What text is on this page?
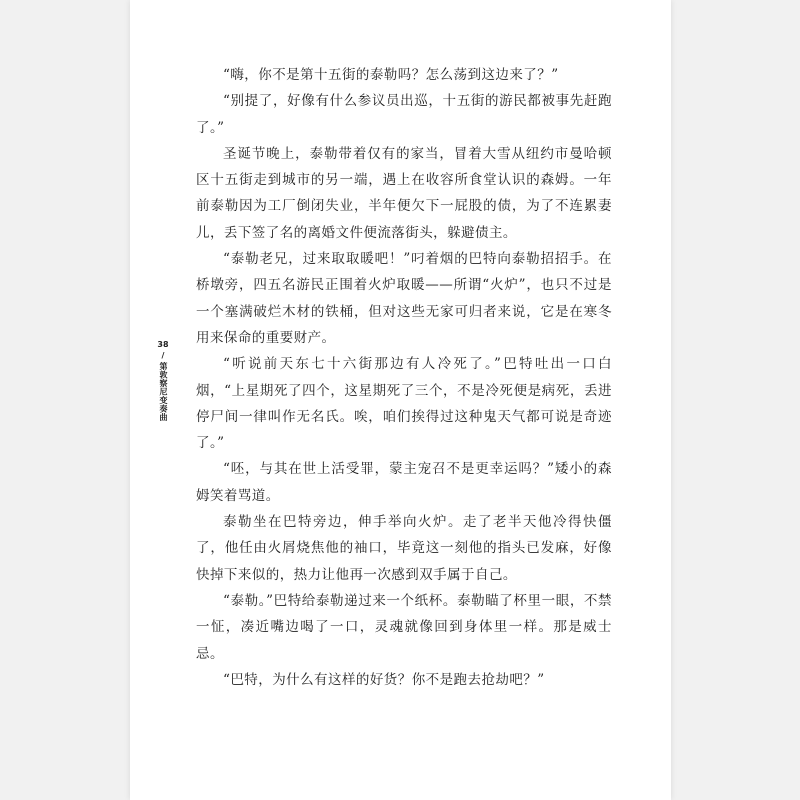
38
/
第敦察尼变奏曲

“嗨，你不是第十五街的泰勒吗？怎么荡到这边来了？”

“别提了，好像有什么参议员出巡，十五街的游民都被事先赶跑了。”

圣诞节晚上，泰勒带着仅有的家当，冒着大雪从纽约市曼哈顿区十五街走到城市的另一端，遇上在收容所食堂认识的森姆。一年前泰勒因为工厂倒闭失业，半年便欠下一屁股的债，为了不连累妻儿，丢下签了名的离婚文件便流落街头，躲避债主。

“泰勒老兄，过来取取暖吧！”叼着烟的巴特向泰勒招招手。在桥墩旁，四五名游民正围着火炉取暖——所谓“火炉”，也只不过是一个塞满破烂木材的铁桶，但对这些无家可归者来说，它是在寒冬用来保命的重要财产。

“听说前天东七十六街那边有人冷死了。”巴特吐出一口白烟，“上星期死了四个，这星期死了三个，不是冷死便是病死，丢进停尸间一律叫作无名氏。唉，咱们挨得过这种鬼天气都可说是奇迹了。”

“呸，与其在世上活受罪，蒙主宠召不是更幸运吗？”矮小的森姆笑着骂道。

泰勒坐在巴特旁边，伸手举向火炉。走了老半天他冷得快僵了，他任由火屑烧焦他的袖口，毕竟这一刻他的指头已发麻，好像快掉下来似的，热力让他再一次感到双手属于自己。

“泰勒。”巴特给泰勒递过来一个纸杯。泰勒瞄了杯里一眼，不禁一怔，凑近嘴边喝了一口，灵魂就像回到身体里一样。那是威士忌。

“巴特，为什么有这样的好货？你不是跑去抢劫吧？”
